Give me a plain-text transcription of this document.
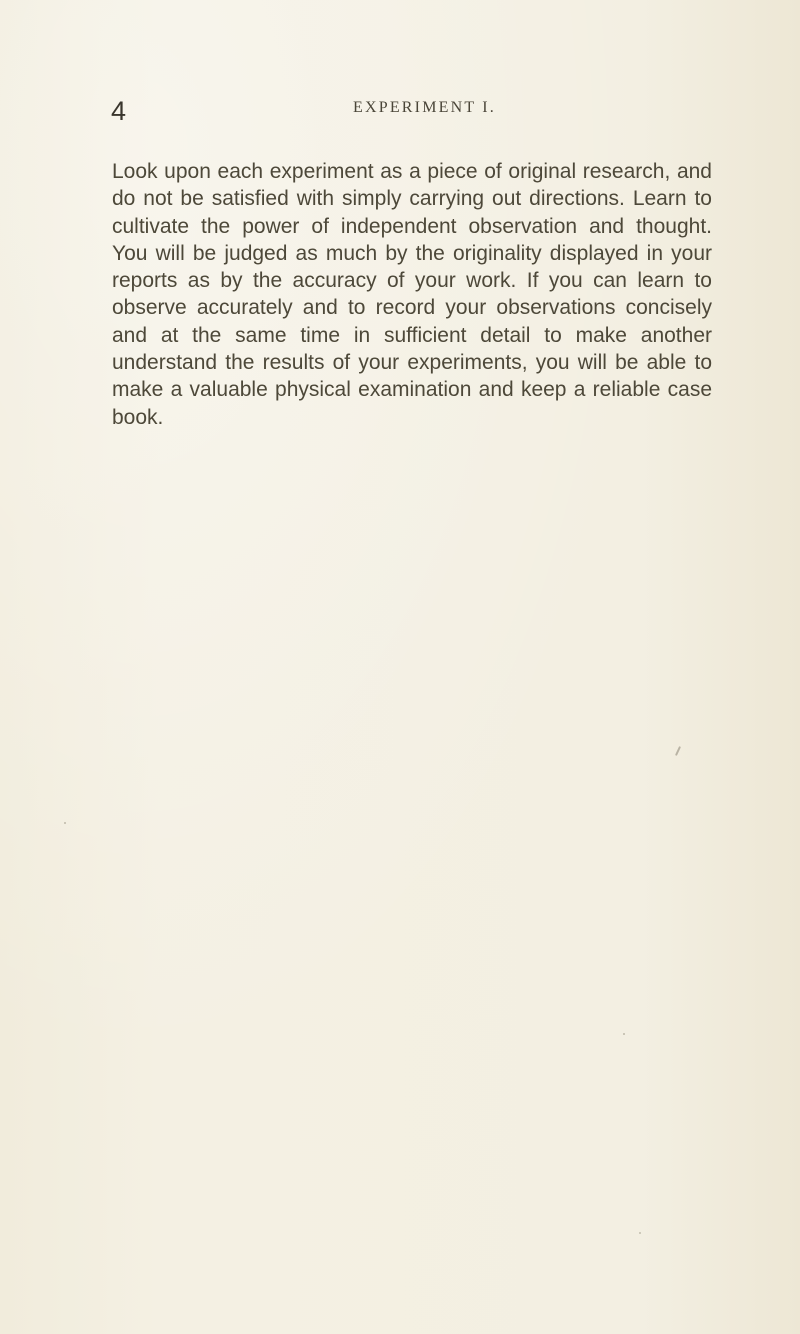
4	EXPERIMENT I.

Look upon each experiment as a piece of original research, and do not be satisfied with simply carrying out directions. Learn to cultivate the power of independent observation and thought. You will be judged as much by the originality displayed in your reports as by the accuracy of your work. If you can learn to observe accurately and to record your observations concisely and at the same time in sufficient detail to make another understand the results of your experiments, you will be able to make a valuable physical examination and keep a reliable case book.
